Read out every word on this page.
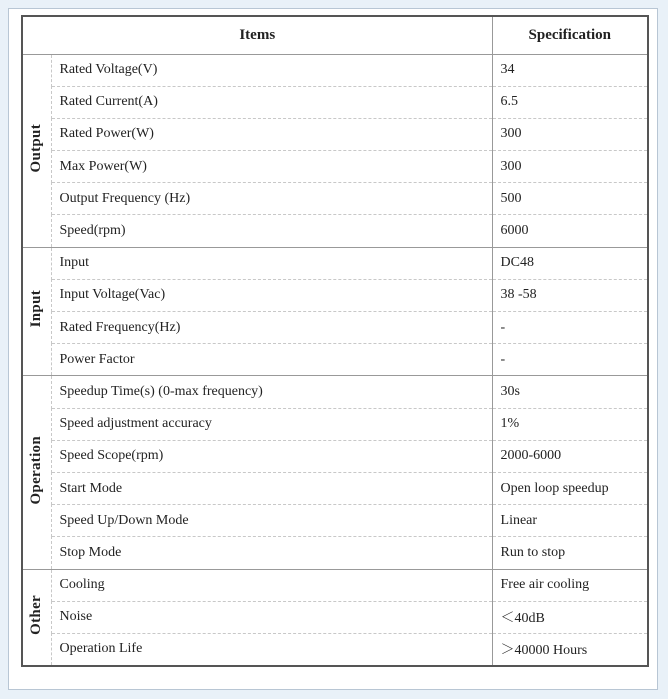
Items		Specification
Output	Rated Voltage(V)	34
	Rated Current(A)	6.5
	Rated Power(W)	300
	Max Power(W)	300
	Output Frequency (Hz)	500
	Speed(rpm)	6000
Input	Input	DC48
	Input Voltage(Vac)	38 -58
	Rated Frequency(Hz)	-
	Power Factor	-
Operation	Speedup Time(s) (0-max frequency)	30s
	Speed adjustment accuracy	1%
	Speed Scope(rpm)	2000-6000
	Start Mode	Open loop speedup
	Speed Up/Down Mode	Linear
	Stop Mode	Run to stop
Other	Cooling	Free air cooling
	Noise	＜40dB
	Operation Life	＞40000 Hours
